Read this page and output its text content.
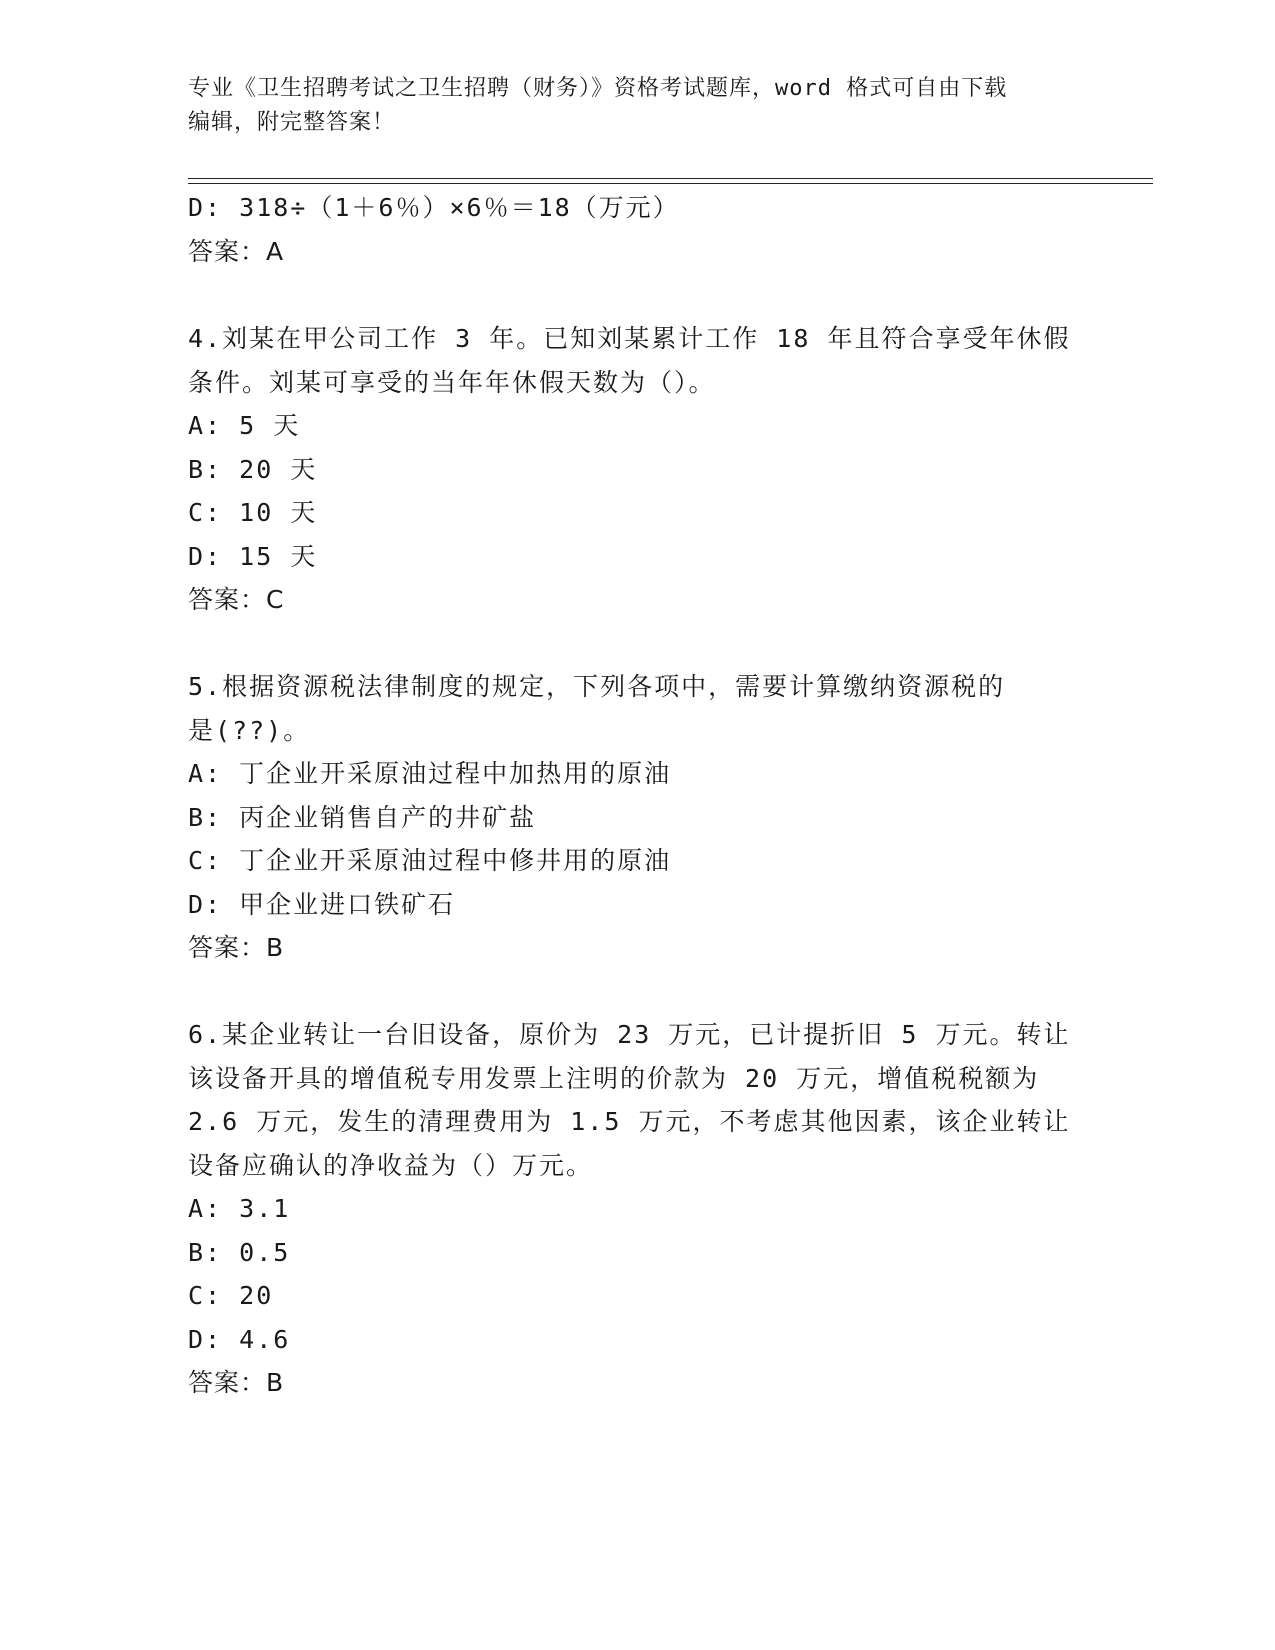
专业《卫生招聘考试之卫生招聘（财务）》资格考试题库，word 格式可自由下载
编辑，附完整答案！
D: 318÷（1＋6％）×6％＝18（万元）
答案：A
4.刘某在甲公司工作 3 年。已知刘某累计工作 18 年且符合享受年休假
条件。刘某可享受的当年年休假天数为（）。
A: 5 天
B: 20 天
C: 10 天
D: 15 天
答案：C
5.根据资源税法律制度的规定，下列各项中，需要计算缴纳资源税的
是(??)。
A: 丁企业开采原油过程中加热用的原油
B: 丙企业销售自产的井矿盐
C: 丁企业开采原油过程中修井用的原油
D: 甲企业进口铁矿石
答案：B
6.某企业转让一台旧设备，原价为 23 万元，已计提折旧 5 万元。转让
该设备开具的增值税专用发票上注明的价款为 20 万元，增值税税额为
2.6 万元，发生的清理费用为 1.5 万元，不考虑其他因素，该企业转让
设备应确认的净收益为（）万元。
A: 3.1
B: 0.5
C: 20
D: 4.6
答案：B
